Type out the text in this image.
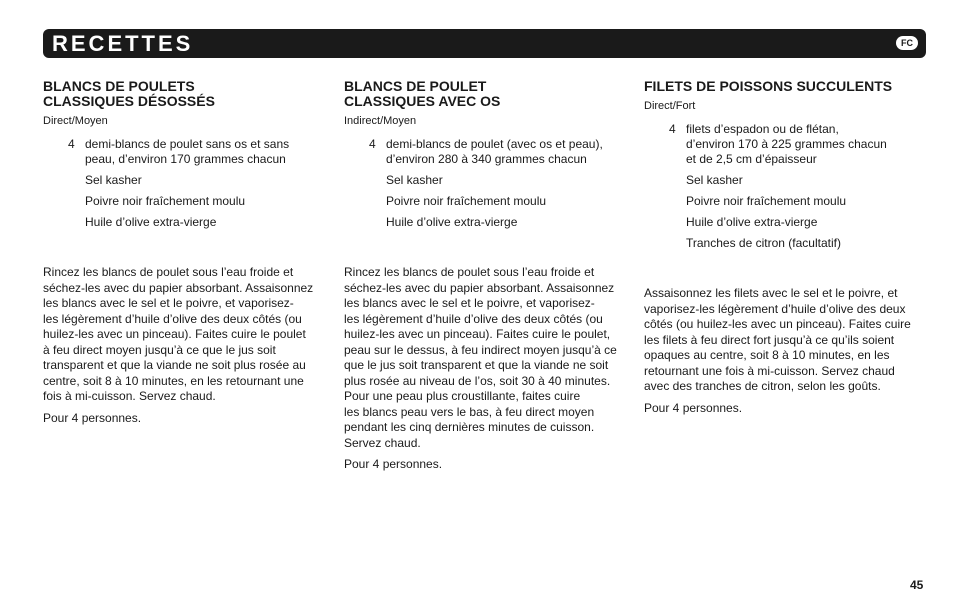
RECETTES	FC
BLANCS DE POULETS
CLASSIQUES DÉSOSSÉS
Direct/Moyen
4 demi-blancs de poulet sans os et sans
peau, d’environ 170 grammes chacun
Sel kasher
Poivre noir fraîchement moulu
Huile d’olive extra-vierge
Rincez les blancs de poulet sous l’eau froide et
séchez-les avec du papier absorbant. Assaisonnez
les blancs avec le sel et le poivre, et vaporisez-
les légèrement d’huile d’olive des deux côtés (ou
huilez-les avec un pinceau). Faites cuire le poulet
à feu direct moyen jusqu’à ce que le jus soit
transparent et que la viande ne soit plus rosée au
centre, soit 8 à 10 minutes, en les retournant une
fois à mi-cuisson. Servez chaud.
Pour 4 personnes.
BLANCS DE POULET
CLASSIQUES AVEC OS
Indirect/Moyen
4 demi-blancs de poulet (avec os et peau),
d’environ 280 à 340 grammes chacun
Sel kasher
Poivre noir fraîchement moulu
Huile d’olive extra-vierge
Rincez les blancs de poulet sous l’eau froide et
séchez-les avec du papier absorbant. Assaisonnez
les blancs avec le sel et le poivre, et vaporisez-
les légèrement d’huile d’olive des deux côtés (ou
huilez-les avec un pinceau). Faites cuire le poulet,
peau sur le dessus, à feu indirect moyen jusqu’à ce
que le jus soit transparent et que la viande ne soit
plus rosée au niveau de l’os, soit 30 à 40 minutes.
Pour une peau plus croustillante, faites cuire
les blancs peau vers le bas, à feu direct moyen
pendant les cinq dernières minutes de cuisson.
Servez chaud.
Pour 4 personnes.
FILETS DE POISSONS SUCCULENTS
Direct/Fort
4 filets d’espadon ou de flétan,
d’environ 170 à 225 grammes chacun
et de 2,5 cm d’épaisseur
Sel kasher
Poivre noir fraîchement moulu
Huile d’olive extra-vierge
Tranches de citron (facultatif)
Assaisonnez les filets avec le sel et le poivre, et
vaporisez-les légèrement d’huile d’olive des deux
côtés (ou huilez-les avec un pinceau). Faites cuire
les filets à feu direct fort jusqu’à ce qu’ils soient
opaques au centre, soit 8 à 10 minutes, en les
retournant une fois à mi-cuisson. Servez chaud
avec des tranches de citron, selon les goûts.
Pour 4 personnes.
45
